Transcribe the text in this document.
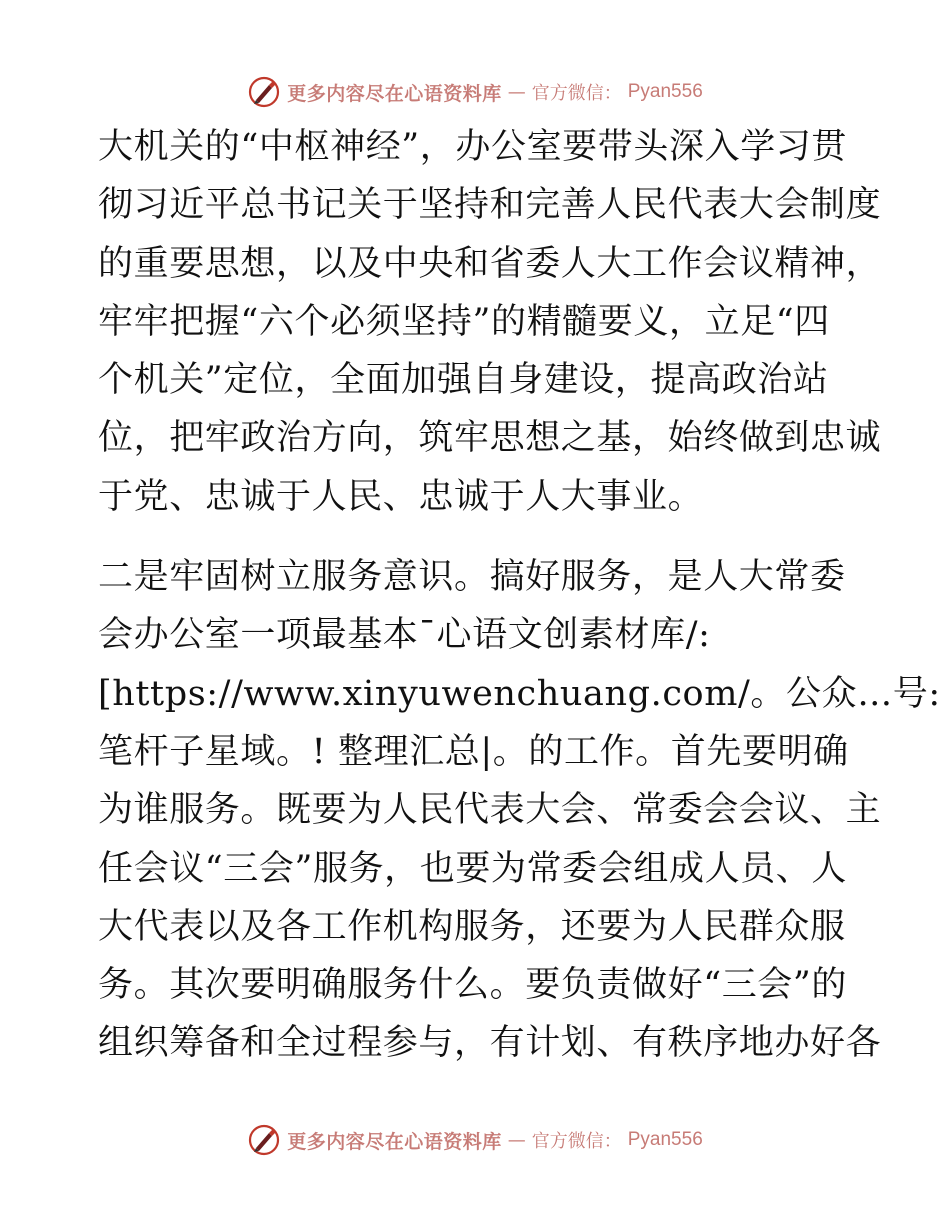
更多内容尽在心语资料库 — 官方微信： Pyan556
大机关的“中枢神经”，办公室要带头深入学习贯
彻习近平总书记关于坚持和完善人民代表大会制度
的重要思想，以及中央和省委人大工作会议精神，
牢牢把握“六个必须坚持”的精髓要义，立足“四
个机关”定位，全面加强自身建设，提高政治站
位，把牢政治方向，筑牢思想之基，始终做到忠诚
于党、忠诚于人民、忠诚于人大事业。
二是牢固树立服务意识。搞好服务，是人大常委
会办公室一项最基本¯心语文创素材库/:
[https://www.xinyuwenchuang.com/。公众…号:
笔杆子星域。! 整理汇总|。的工作。首先要明确
为谁服务。既要为人民代表大会、常委会会议、主
任会议“三会”服务，也要为常委会组成人员、人
大代表以及各工作机构服务，还要为人民群众服
务。其次要明确服务什么。要负责做好“三会”的
组织筹备和全过程参与，有计划、有秩序地办好各
更多内容尽在心语资料库 — 官方微信： Pyan556
